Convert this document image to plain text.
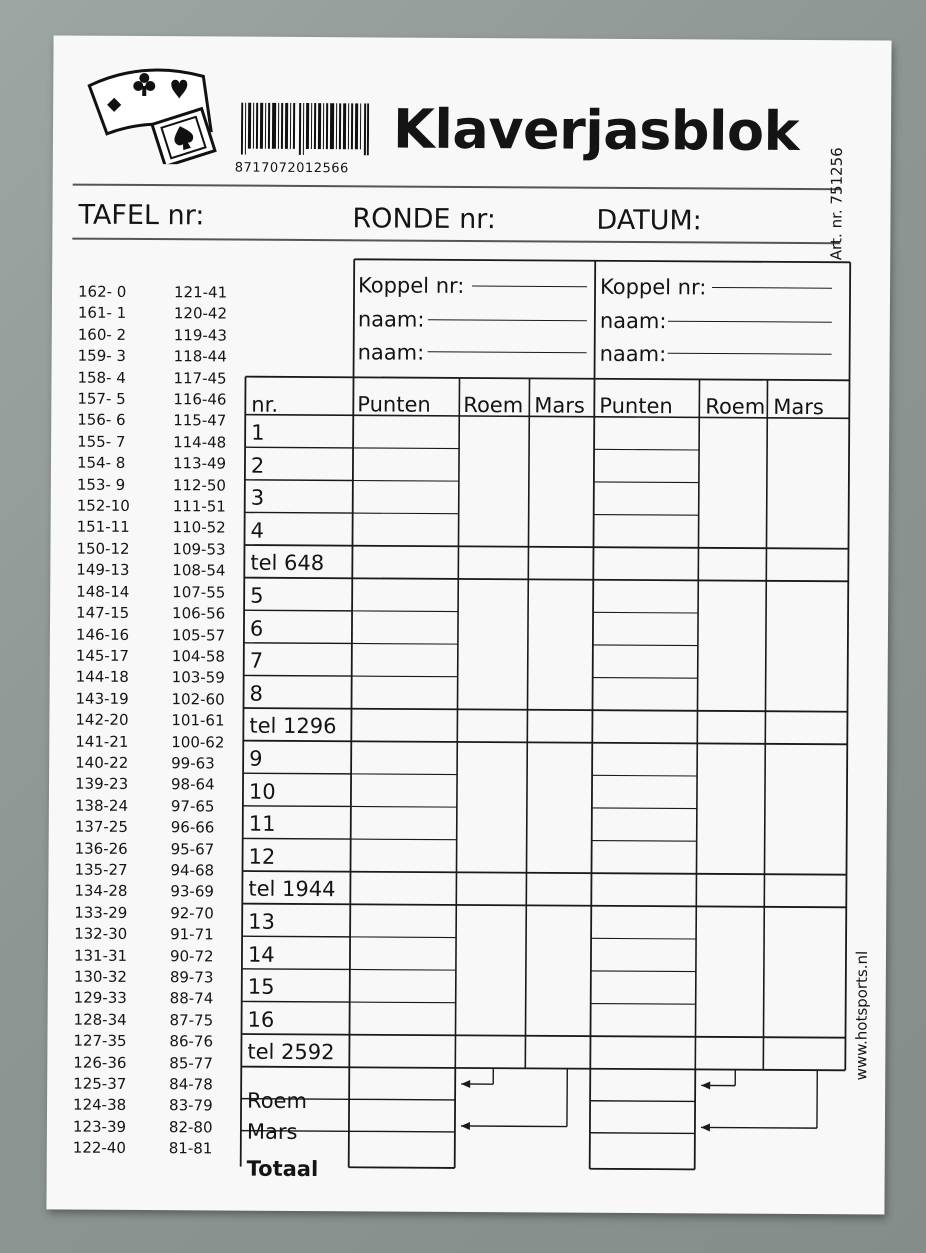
8717072012566
Klaverjasblok
TAFEL nr:	RONDE nr:	DATUM:	Art. nr. 751256
www.hotsports.nl
162- 0	121-41
161- 1	120-42
160- 2	119-43
159- 3	118-44
158- 4	117-45
157- 5	116-46
156- 6	115-47
155- 7	114-48
154- 8	113-49
153- 9	112-50
152-10	111-51
151-11	110-52
150-12	109-53
149-13	108-54
148-14	107-55
147-15	106-56
146-16	105-57
145-17	104-58
144-18	103-59
143-19	102-60
142-20	101-61
141-21	100-62
140-22	99-63
139-23	98-64
138-24	97-65
137-25	96-66
136-26	95-67
135-27	94-68
134-28	93-69
133-29	92-70
132-30	91-71
131-31	90-72
130-32	89-73
129-33	88-74
128-34	87-75
127-35	86-76
126-36	85-77
125-37	84-78
124-38	83-79
123-39	82-80
122-40	81-81
Koppel nr:
naam:
naam:
Koppel nr:
naam:
naam:
nr.	Punten Roem Mars Punten Roem Mars
1
2
3
4
tel 648
5
6
7
8
tel 1296
9
10
11
12
tel 1944
13
14
15
16
tel 2592
Roem
Mars
Totaal
